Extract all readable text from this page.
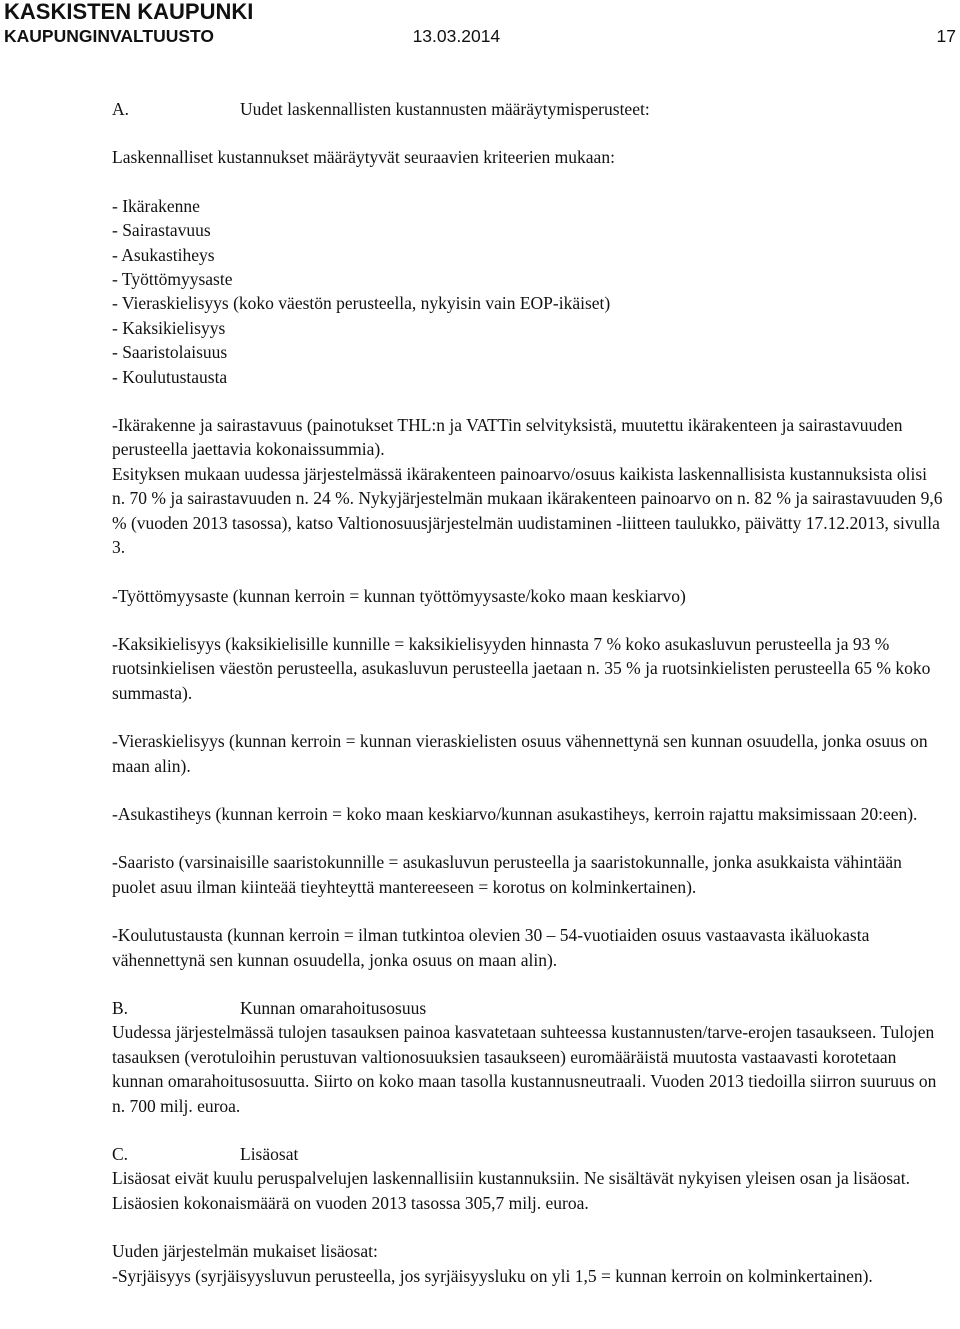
KASKISTEN KAUPUNKI
KAUPUNGINVALTUUSTO	13.03.2014	17
A.	Uudet laskennallisten kustannusten määräytymisperusteet:

Laskennalliset kustannukset määräytyvät seuraavien kriteerien mukaan:

- Ikärakenne
- Sairastavuus
- Asukastiheys
- Työttömyysaste
- Vieraskielisyys (koko väestön perusteella, nykyisin vain EOP-ikäiset)
- Kaksikielisyys
- Saaristolaisuus
- Koulutustausta

-Ikärakenne ja sairastavuus (painotukset THL:n ja VATTin selvityksistä, muutettu ikärakenteen ja sairastavuuden perusteella jaettavia kokonaissummia).

Esityksen mukaan uudessa järjestelmässä ikärakenteen painoarvo/osuus kaikista laskennallisista kustannuksista olisi n. 70 % ja sairastavuuden n. 24 %. Nykyjärjestelmän mukaan ikärakenteen painoarvo on n. 82 % ja sairastavuuden 9,6 % (vuoden 2013 tasossa), katso Valtionosuusjärjestelmän uudistaminen -liitteen taulukko, päivätty 17.12.2013, sivulla 3.

-Työttömyysaste (kunnan kerroin = kunnan työttömyysaste/koko maan keskiarvo)

-Kaksikielisyys (kaksikielisille kunnille = kaksikielisyyden hinnasta 7 % koko asukasluvun perusteella ja 93 % ruotsinkielisen väestön perusteella, asukasluvun perusteella jaetaan n. 35 % ja ruotsinkielisten perusteella 65 % koko summasta).

-Vieraskielisyys (kunnan kerroin = kunnan vieraskielisten osuus vähennettynä sen kunnan osuudella, jonka osuus on maan alin).

-Asukastiheys (kunnan kerroin = koko maan keskiarvo/kunnan asukastiheys, kerroin rajattu maksimissaan 20:een).

-Saaristo (varsinaisille saaristokunnille = asukasluvun perusteella ja saaristokunnalle, jonka asukkaista vähintään puolet asuu ilman kiinteää tieyhteyttä mantereeseen = korotus on kolminkertainen).

-Koulutustausta (kunnan kerroin = ilman tutkintoa olevien 30 – 54-vuotiaiden osuus vastaavasta ikäluokasta vähennettynä sen kunnan osuudella, jonka osuus on maan alin).

B.	Kunnan omarahoitusosuus

Uudessa järjestelmässä tulojen tasauksen painoa kasvatetaan suhteessa kustannusten/tarve-erojen tasaukseen. Tulojen tasauksen (verotuloihin perustuvan valtionosuuksien tasaukseen) euromääräistä muutosta vastaavasti korotetaan kunnan omarahoitusosuutta. Siirto on koko maan tasolla kustannusneutraali. Vuoden 2013 tiedoilla siirron suuruus on n. 700 milj. euroa.

C.	Lisäosat

Lisäosat eivät kuulu peruspalvelujen laskennallisiin kustannuksiin. Ne sisältävät nykyisen yleisen osan ja lisäosat. Lisäosien kokonaismäärä on vuoden 2013 tasossa 305,7 milj. euroa.

Uuden järjestelmän mukaiset lisäosat:

-Syrjäisyys (syrjäisyysluvun perusteella, jos syrjäisyysluku on yli 1,5 = kunnan kerroin on kolminkertainen).
